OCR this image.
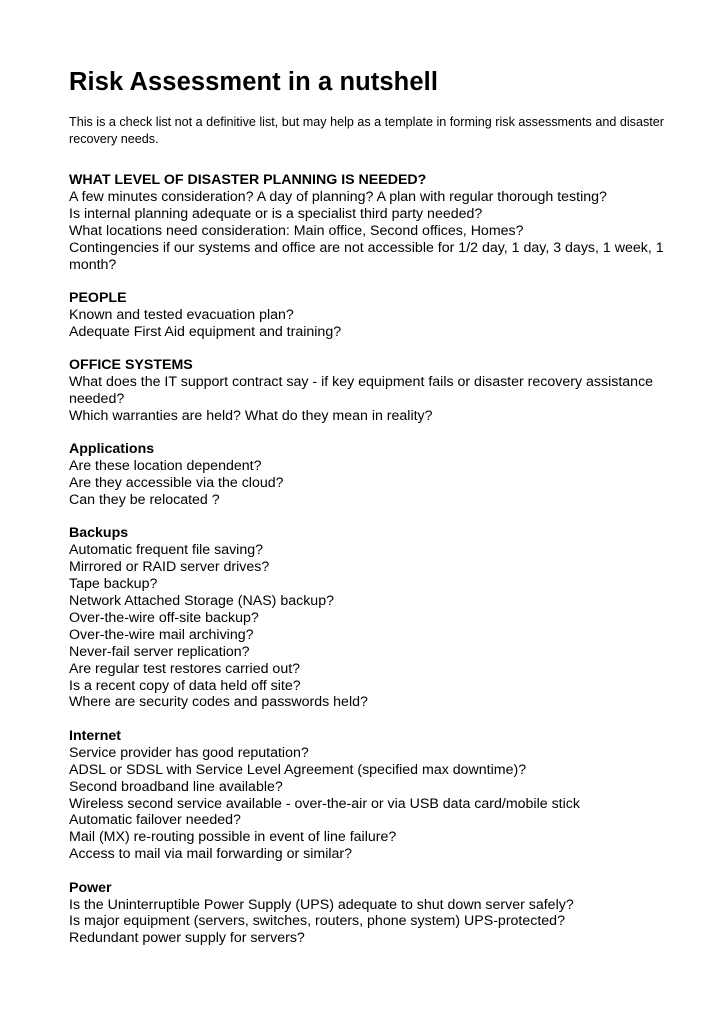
Risk Assessment in a nutshell

This is a check list not a definitive list, but may help as a template in forming risk assessments and disaster recovery needs.

WHAT LEVEL OF DISASTER PLANNING IS NEEDED?
A few minutes consideration? A day of planning? A plan with regular thorough testing?
Is internal planning adequate or is a specialist third party needed?
What locations need consideration: Main office, Second offices, Homes?
Contingencies if our systems and office are not accessible for 1/2 day, 1 day, 3 days, 1 week, 1 month?
PEOPLE
Known and tested evacuation plan?
Adequate First Aid equipment and training?
OFFICE SYSTEMS
What does the IT support contract say - if key equipment fails or disaster recovery assistance needed?
Which warranties are held? What do they mean in reality?
Applications
Are these location dependent?
Are they accessible via the cloud?
Can they be relocated ?
Backups
Automatic frequent file saving?
Mirrored or RAID server drives?
Tape backup?
Network Attached Storage (NAS) backup?
Over-the-wire off-site backup?
Over-the-wire mail archiving?
Never-fail server replication?
Are regular test restores carried out?
Is a recent copy of data held off site?
Where are security codes and passwords held?
Internet
Service provider has good reputation?
ADSL or SDSL with Service Level Agreement (specified max downtime)?
Second broadband line available?
Wireless second service available - over-the-air or via USB data card/mobile stick
Automatic failover needed?
Mail (MX) re-routing possible in event of line failure?
Access to mail via mail forwarding or similar?
Power
Is the Uninterruptible Power Supply (UPS) adequate to shut down server safely?
Is major equipment (servers, switches, routers, phone system) UPS-protected?
Redundant power supply for servers?
